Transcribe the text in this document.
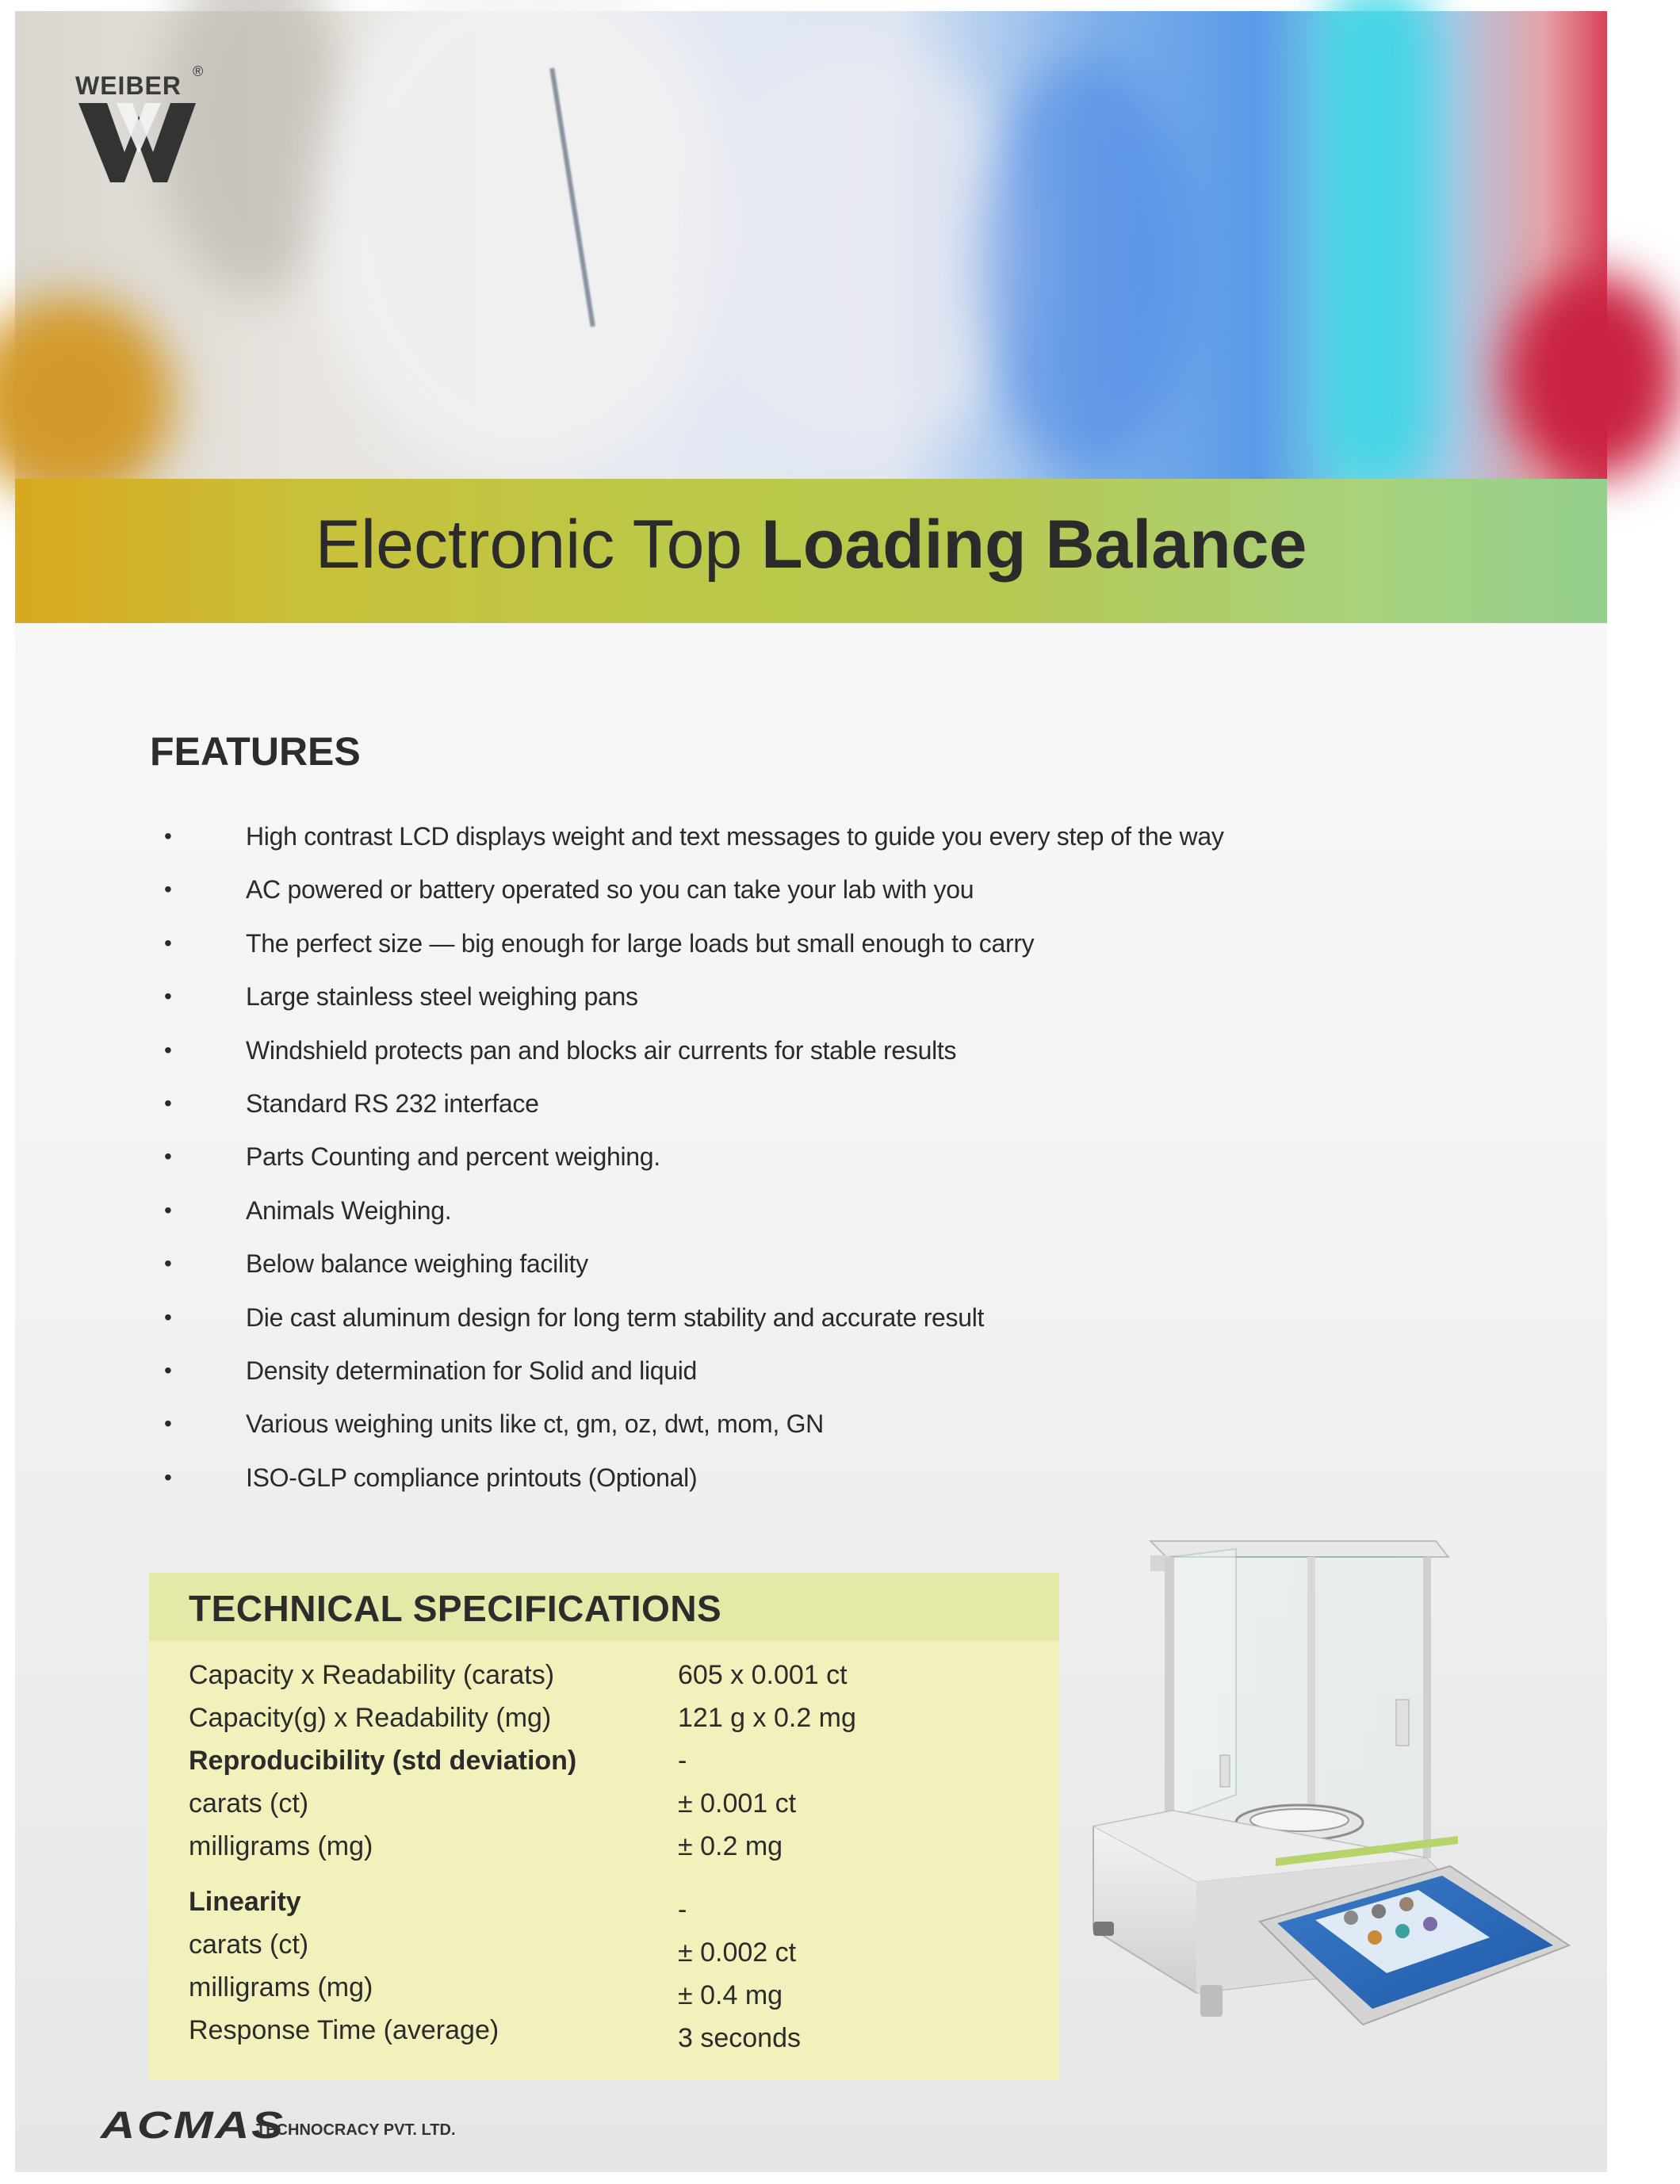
WEIBER ®
Electronic Top Loading Balance
FEATURES
•	High contrast LCD displays weight and text messages to guide you every step of the way
•	AC powered or battery operated so you can take your lab with you
•	The perfect size — big enough for large loads but small enough to carry
•	Large stainless steel weighing pans
•	Windshield protects pan and blocks air currents for stable results
•	Standard RS 232 interface
•	Parts Counting and percent weighing.
•	Animals Weighing.
•	Below balance weighing facility
•	Die cast aluminum design for long term stability and accurate result
•	Density determination for Solid and liquid
•	Various weighing units like ct, gm, oz, dwt, mom, GN
•	ISO-GLP compliance printouts (Optional)
TECHNICAL SPECIFICATIONS
Capacity x Readability (carats)	605 x 0.001 ct
Capacity(g) x Readability (mg)	121 g x 0.2 mg
Reproducibility (std deviation)	-
carats (ct)	± 0.001 ct
milligrams (mg)	± 0.2 mg
Linearity	-
carats (ct)	± 0.002 ct
milligrams (mg)	± 0.4 mg
Response Time (average)	3 seconds
ACMAS
TECHNOCRACY PVT. LTD.
